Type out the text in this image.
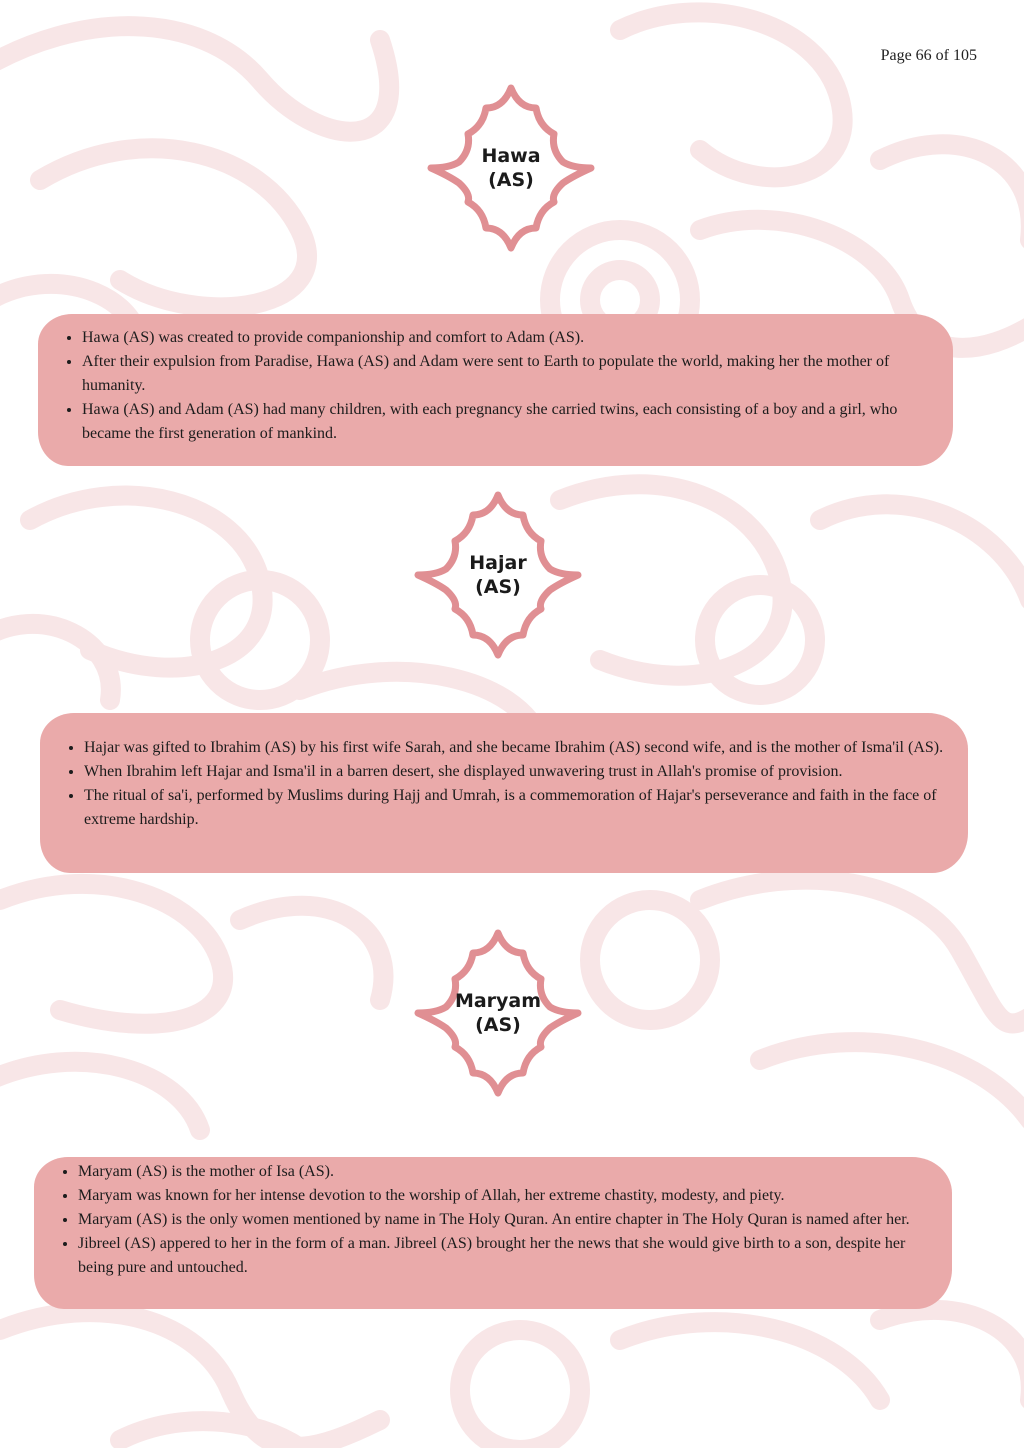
Page 66 of 105
Hawa
(AS)
• Hawa (AS) was created to provide companionship and comfort to Adam (AS).
• After their expulsion from Paradise, Hawa (AS) and Adam were sent to Earth to populate the world, making her the mother of humanity.
• Hawa (AS) and Adam (AS) had many children, with each pregnancy she carried twins, each consisting of a boy and a girl, who became the first generation of mankind.
Hajar
(AS)
• Hajar was gifted to Ibrahim (AS) by his first wife Sarah, and she became Ibrahim (AS) second wife, and is the mother of Isma'il (AS).
• When Ibrahim left Hajar and Isma'il in a barren desert, she displayed unwavering trust in Allah's promise of provision.
• The ritual of sa'i, performed by Muslims during Hajj and Umrah, is a commemoration of Hajar's perseverance and faith in the face of extreme hardship.
Maryam
(AS)
• Maryam (AS) is the mother of Isa (AS).
• Maryam was known for her intense devotion to the worship of Allah, her extreme chastity, modesty, and piety.
• Maryam (AS) is the only women mentioned by name in The Holy Quran. An entire chapter in The Holy Quran is named after her.
• Jibreel (AS) appered to her in the form of a man. Jibreel (AS) brought her the news that she would give birth to a son, despite her being pure and untouched.
